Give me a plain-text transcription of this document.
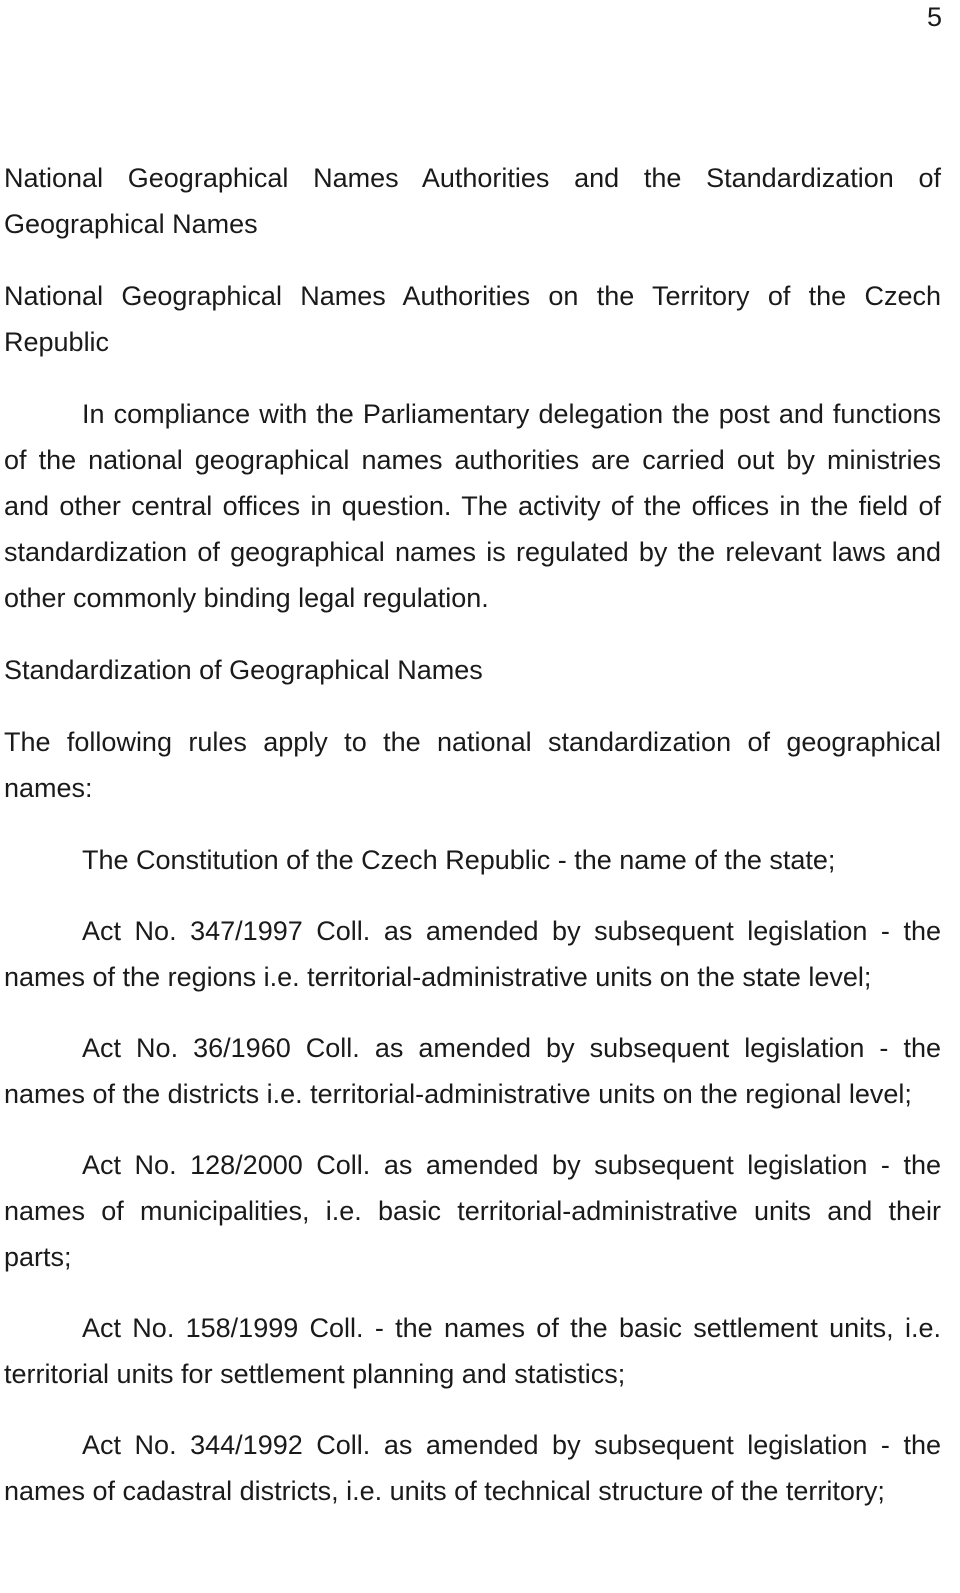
5

National Geographical Names Authorities and the Standardization of Geographical Names

National Geographical Names Authorities on the Territory of the Czech Republic

In compliance with the Parliamentary delegation the post and functions of the national geographical names authorities are carried out by ministries and other central offices in question. The activity of the offices in the field of standardization of geographical names is regulated by the relevant laws and other commonly binding legal regulation.

Standardization of Geographical Names

The following rules apply to the national standardization of geographical names:

The Constitution of the Czech Republic - the name of the state;

Act No. 347/1997 Coll. as amended by subsequent legislation - the names of the regions i.e. territorial-administrative units on the state level;

Act No. 36/1960 Coll. as amended by subsequent legislation - the names of the districts i.e. territorial-administrative units on the regional level;

Act No. 128/2000 Coll. as amended by subsequent legislation - the names of municipalities, i.e. basic territorial-administrative units and their parts;

Act No. 158/1999 Coll. - the names of the basic settlement units, i.e. territorial units for settlement planning and statistics;

Act No. 344/1992 Coll. as amended by subsequent legislation - the names of cadastral districts, i.e. units of technical structure of the territory;
